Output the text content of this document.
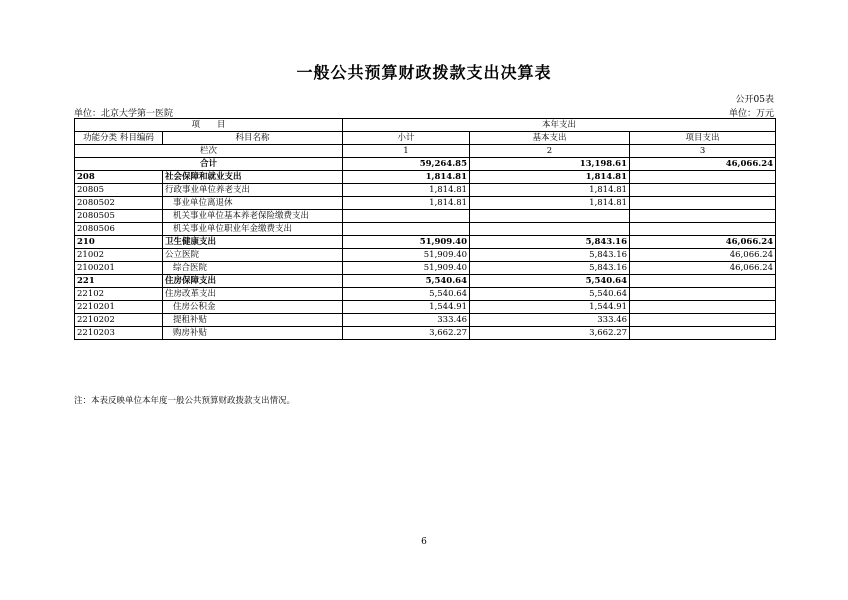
一般公共预算财政拨款支出决算表
公开05表
单位：北京大学第一医院	单位：万元
项　　目		本年支出		
功能分类 科目编码	科目名称	小计	基本支出	项目支出
栏次		1	2	3
合计		59,264.85	13,198.61	46,066.24
208	社会保障和就业支出	1,814.81	1,814.81	
20805	行政事业单位养老支出	1,814.81	1,814.81	
2080502	事业单位离退休	1,814.81	1,814.81	
2080505	机关事业单位基本养老保险缴费支出			
2080506	机关事业单位职业年金缴费支出			
210	卫生健康支出	51,909.40	5,843.16	46,066.24
21002	公立医院	51,909.40	5,843.16	46,066.24
2100201	综合医院	51,909.40	5,843.16	46,066.24
221	住房保障支出	5,540.64	5,540.64	
22102	住房改革支出	5,540.64	5,540.64	
2210201	住房公积金	1,544.91	1,544.91	
2210202	提租补贴	333.46	333.46	
2210203	购房补贴	3,662.27	3,662.27	
注：本表反映单位本年度一般公共预算财政拨款支出情况。
6
